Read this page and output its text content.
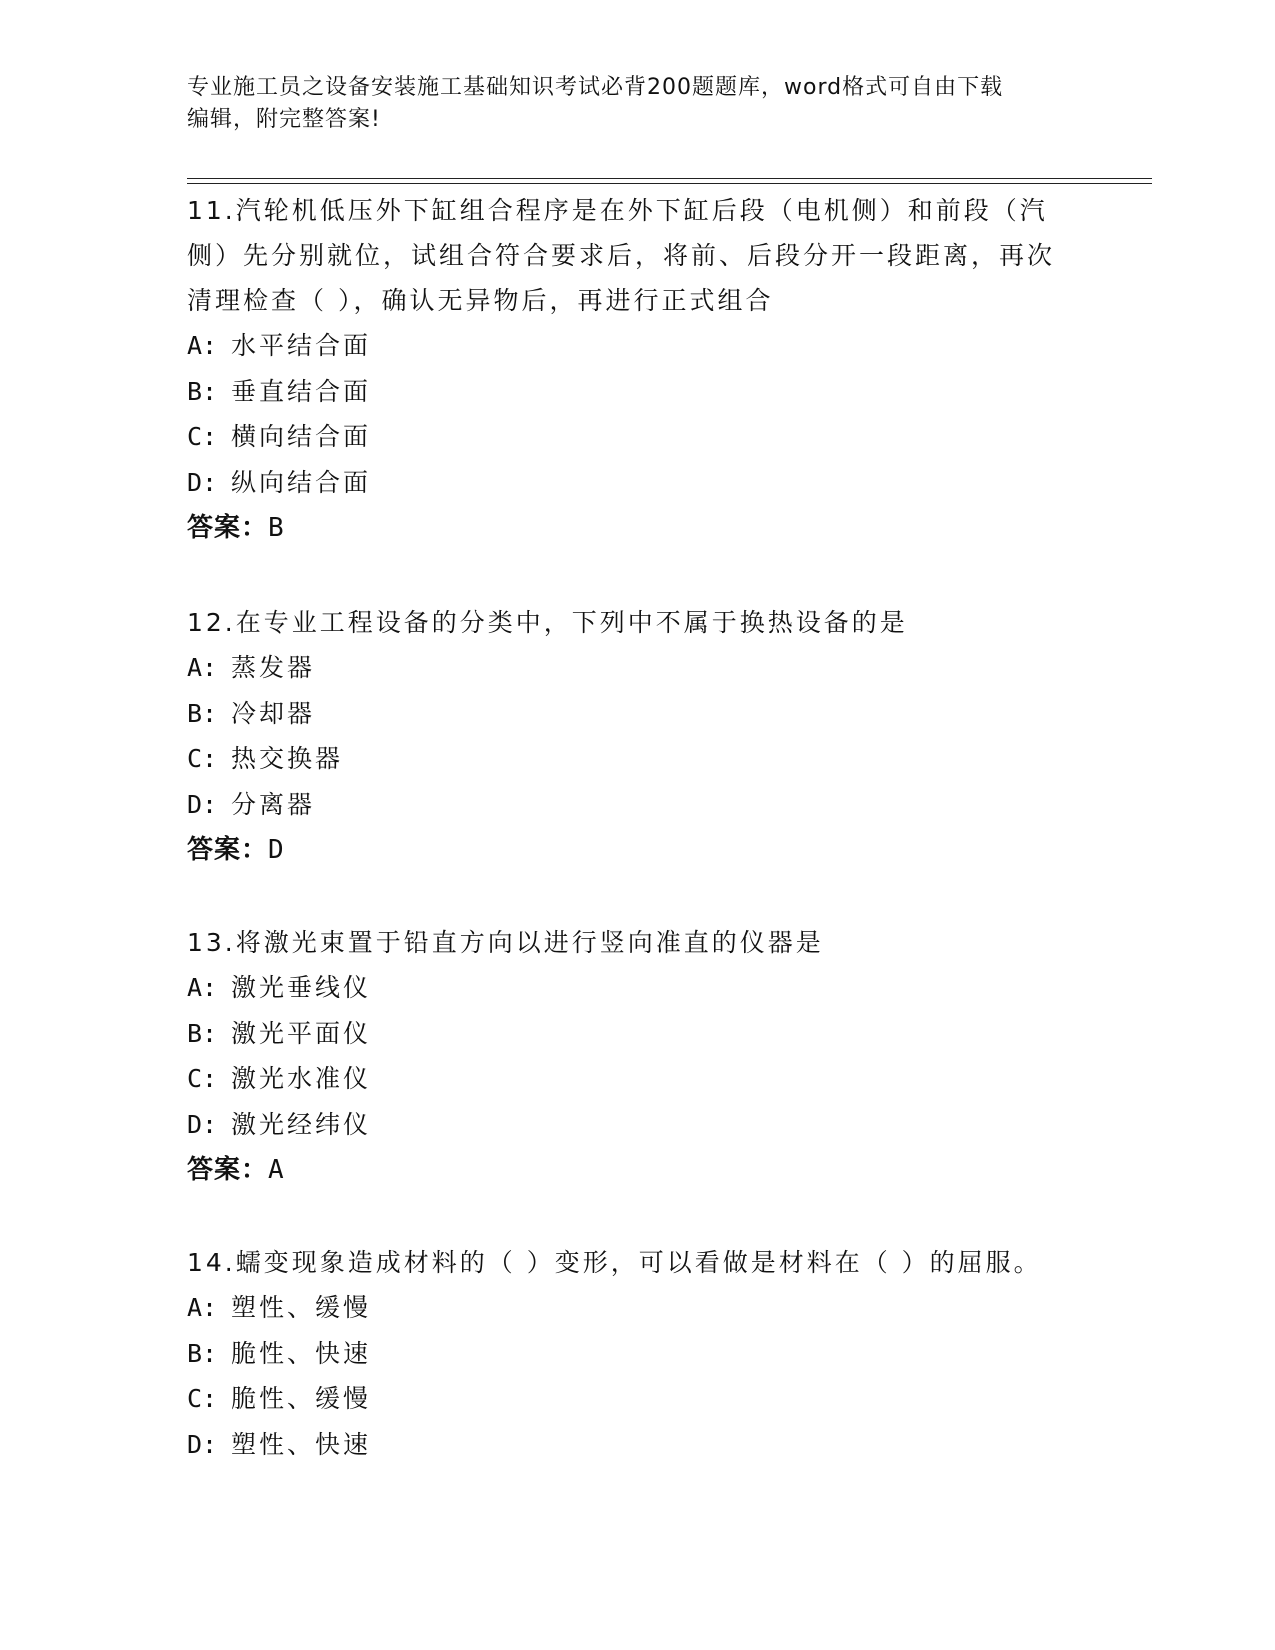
专业施工员之设备安装施工基础知识考试必背200题题库，word格式可自由下载
编辑，附完整答案!

11.汽轮机低压外下缸组合程序是在外下缸后段（电机侧）和前段（汽侧）先分别就位，试组合符合要求后，将前、后段分开一段距离，再次清理检查（ ），确认无异物后，再进行正式组合

A: 水平结合面
B: 垂直结合面
C: 横向结合面
D: 纵向结合面
答案：B

12.在专业工程设备的分类中，下列中不属于换热设备的是

A: 蒸发器
B: 冷却器
C: 热交换器
D: 分离器
答案：D

13.将激光束置于铅直方向以进行竖向准直的仪器是

A: 激光垂线仪
B: 激光平面仪
C: 激光水准仪
D: 激光经纬仪
答案：A

14.蠕变现象造成材料的（ ）变形，可以看做是材料在（ ）的屈服。

A: 塑性、缓慢
B: 脆性、快速
C: 脆性、缓慢
D: 塑性、快速
